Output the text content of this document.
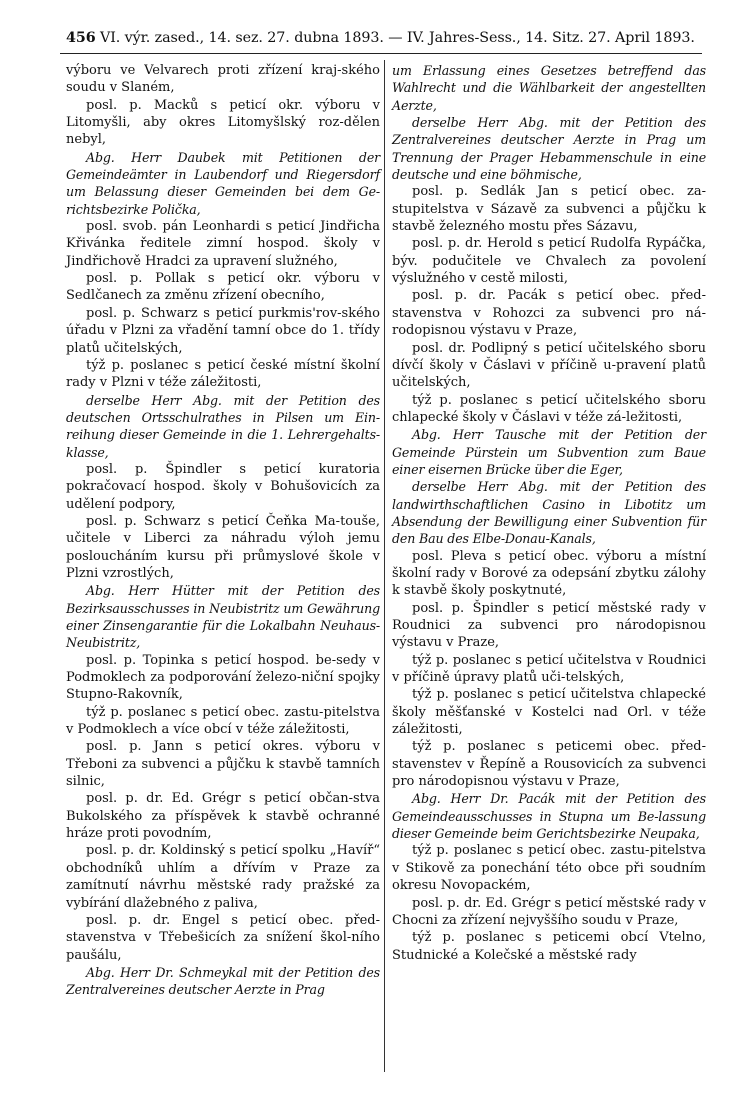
456 VI. výr. zased., 14. sez. 27. dubna 1893. — IV. Jahres-Sess., 14. Sitz. 27. April 1893.

výboru ve Velvarech proti zřízení kraj-ského soudu v Slaném,

posl. p. Macků s peticí okr. výboru v Litomyšli, aby okres Litomyšlský roz-dělen nebyl,

Abg. Herr Daubek mit Petitionen der Gemeindeämter in Laubendorf und Riegersdorf um Belassung dieser Gemeinden bei dem Ge-richtsbezirke Polička,

posl. svob. pán Leonhardi s peticí Jindřicha Křivánka ředitele zimní hospod. školy v Jindřichově Hradci za upravení služného,

posl. p. Pollak s peticí okr. výboru v Sedlčanech za změnu zřízení obecního,

posl. p. Schwarz s peticí purkmis'rov-ského úřadu v Plzni za vřadění tamní obce do 1. třídy platů učitelských,

týž p. poslanec s peticí české místní školní rady v Plzni v téže záležitosti,

derselbe Herr Abg. mit der Petition des deutschen Ortsschulrathes in Pilsen um Ein-reihung dieser Gemeinde in die 1. Lehrergehalts-klasse,

posl. p. Špindler s peticí kuratoria pokračovací hospod. školy v Bohušovicích za udělení podpory,

posl. p. Schwarz s peticí Čeňka Ma-touše, učitele v Liberci za náhradu výloh jemu posloucháním kursu při průmyslové škole v Plzni vzrostlých,

Abg. Herr Hütter mit der Petition des Bezirksausschusses in Neubistritz um Gewährung einer Zinsengarantie für die Lokalbahn Neuhaus-Neubistritz,

posl. p. Topinka s peticí hospod. be-sedy v Podmoklech za podporování železo-niční spojky Stupno-Rakovník,

týž p. poslanec s peticí obec. zastu-pitelstva v Podmoklech a více obcí v téže záležitosti,

posl. p. Jann s peticí okres. výboru v Třeboni za subvenci a půjčku k stavbě tamních silnic,

posl. p. dr. Ed. Grégr s peticí občan-stva Bukolského za příspěvek k stavbě ochranné hráze proti povodním,

posl. p. dr. Koldinský s peticí spolku „Havíř“ obchodníků uhlím a dřívím v Praze za zamítnutí návrhu městské rady pražské za vybírání dlažebného z paliva,

posl. p. dr. Engel s peticí obec. před-stavenstva v Třebešicích za snížení škol-ního paušálu,

Abg. Herr Dr. Schmeykal mit der Petition des Zentralvereines deutscher Aerzte in Prag

um Erlassung eines Gesetzes betreffend das Wahlrecht und die Wählbarkeit der angestellten Aerzte,

derselbe Herr Abg. mit der Petition des Zentralvereines deutscher Aerzte in Prag um Trennung der Prager Hebammenschule in eine deutsche und eine böhmische,

posl. p. Sedlák Jan s peticí obec. za-stupitelstva v Sázavě za subvenci a půjčku k stavbě železného mostu přes Sázavu,

posl. p. dr. Herold s peticí Rudolfa Rypáčka, býv. podučitele ve Chvalech za povolení výslužného v cestě milosti,

posl. p. dr. Pacák s peticí obec. před-stavenstva v Rohozci za subvenci pro ná-rodopisnou výstavu v Praze,

posl. dr. Podlipný s peticí učitelského sboru dívčí školy v Čáslavi v příčině u-pravení platů učitelských,

týž p. poslanec s peticí učitelského sboru chlapecké školy v Čáslavi v téže zá-ležitosti,

Abg. Herr Tausche mit der Petition der Gemeinde Pürstein um Subvention zum Baue einer eisernen Brücke über die Eger,

derselbe Herr Abg. mit der Petition des landwirthschaftlichen Casino in Libotitz um Absendung der Bewilligung einer Subvention für den Bau des Elbe-Donau-Kanals,

posl. Pleva s peticí obec. výboru a místní školní rady v Borové za odepsání zbytku zálohy k stavbě školy poskytnuté,

posl. p. Špindler s peticí městské rady v Roudnici za subvenci pro národopisnou výstavu v Praze,

týž p. poslanec s peticí učitelstva v Roudnici v příčině úpravy platů uči-telských,

týž p. poslanec s peticí učitelstva chlapecké školy měšťanské v Kostelci nad Orl. v téže záležitosti,

týž p. poslanec s peticemi obec. před-stavenstev v Řepíně a Rousovicích za subvenci pro národopisnou výstavu v Praze,

Abg. Herr Dr. Pacák mit der Petition des Gemeindeausschusses in Stupna um Be-lassung dieser Gemeinde beim Gerichtsbezirke Neupaka,

týž p. poslanec s peticí obec. zastu-pitelstva v Stikově za ponechání této obce při soudním okresu Novopackém,

posl. p. dr. Ed. Grégr s peticí městské rady v Chocni za zřízení nejvyššího soudu v Praze,

týž p. poslanec s peticemi obcí Vtelno, Studnické a Kolečské a městské rady
